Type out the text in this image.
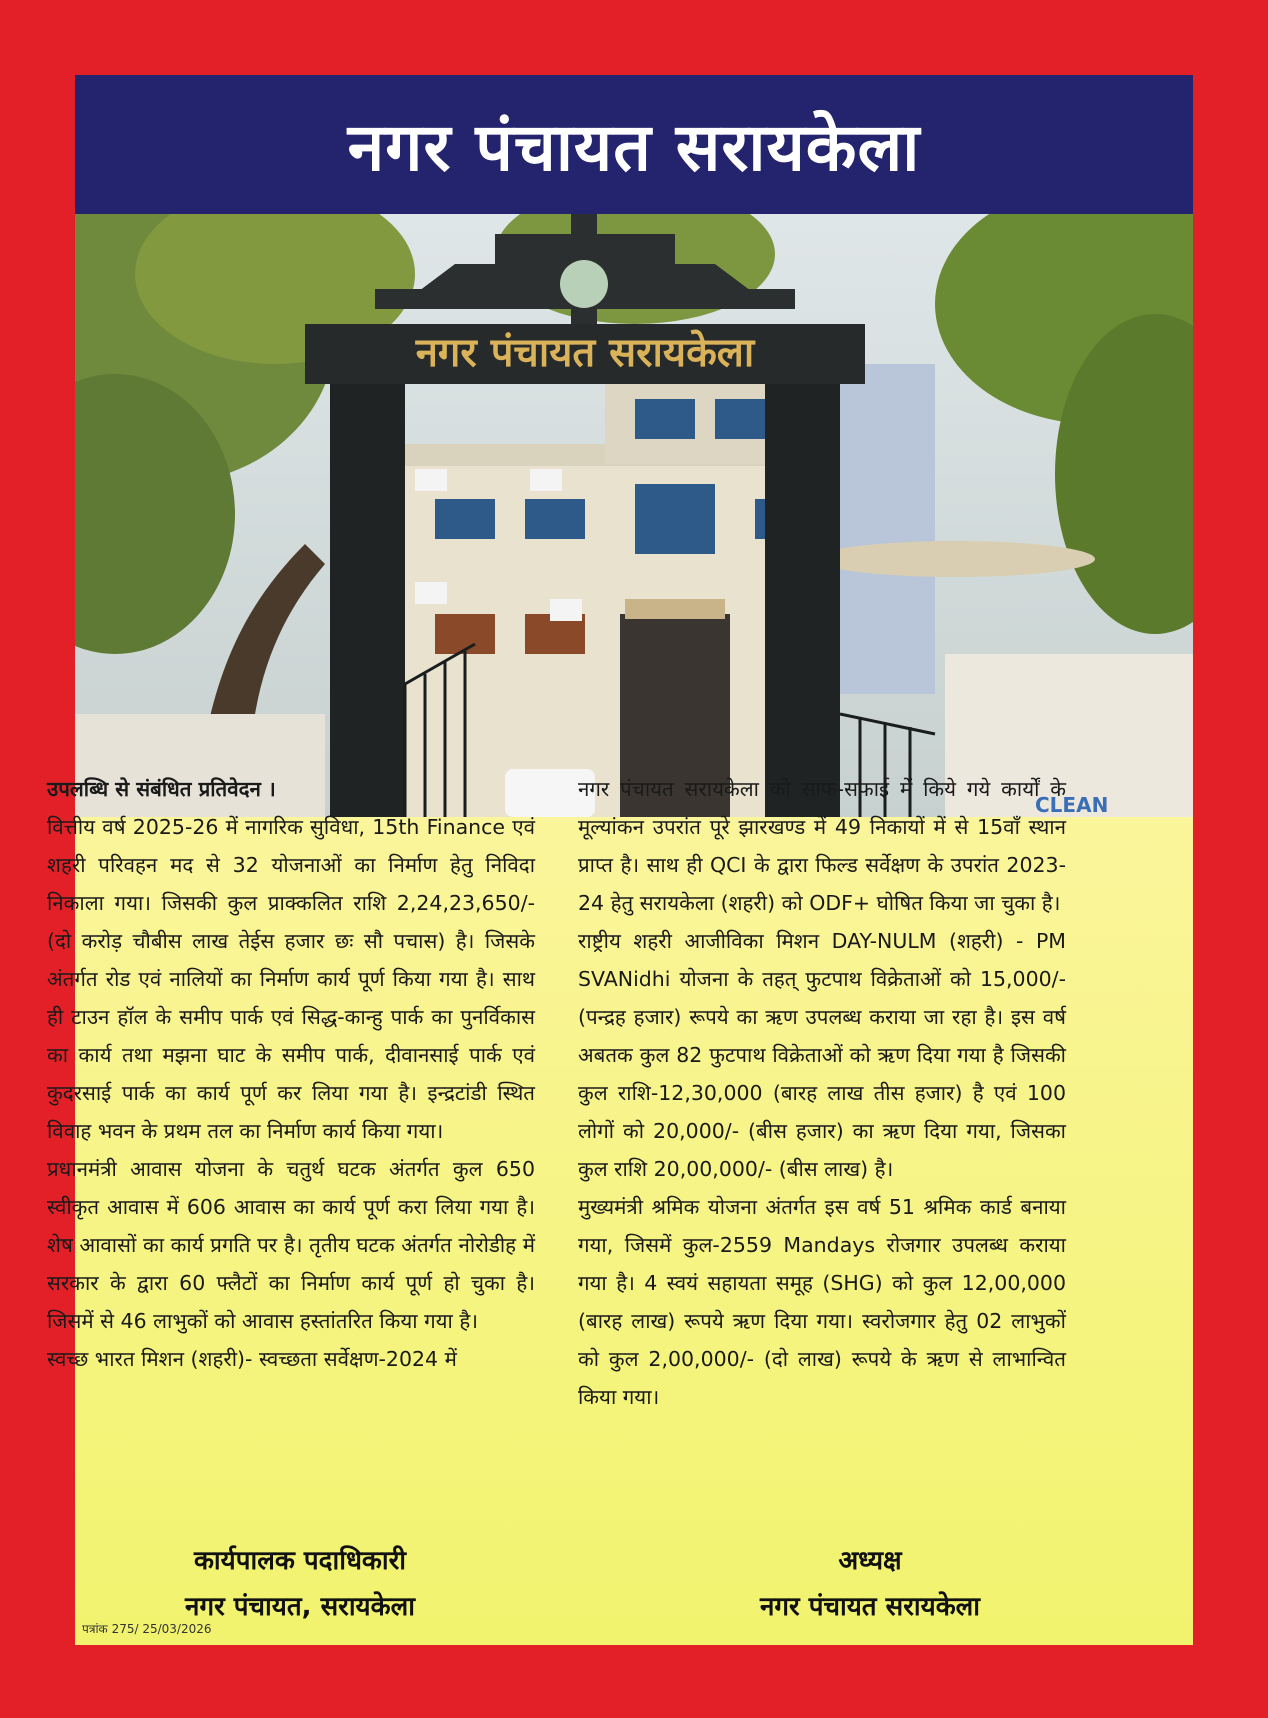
नगर पंचायत सरायकेला
नगर पंचायत सरायकेला
CLEAN

उपलब्धि से संबंधित प्रतिवेदन ।

वित्तीय वर्ष 2025-26 में नागरिक सुविधा, 15th Finance एवं शहरी परिवहन मद से 32 योजनाओं का निर्माण हेतु निविदा निकाला गया। जिसकी कुल प्राक्कलित राशि 2,24,23,650/- (दो करोड़ चौबीस लाख तेईस हजार छः सौ पचास) है। जिसके अंतर्गत रोड एवं नालियों का निर्माण कार्य पूर्ण किया गया है। साथ ही टाउन हॉल के समीप पार्क एवं सिद्ध-कान्हु पार्क का पुनर्विकास का कार्य तथा मझना घाट के समीप पार्क, दीवानसाई पार्क एवं कुदरसाई पार्क का कार्य पूर्ण कर लिया गया है। इन्द्रटांडी स्थित विवाह भवन के प्रथम तल का निर्माण कार्य किया गया।

प्रधानमंत्री आवास योजना के चतुर्थ घटक अंतर्गत कुल 650 स्वीकृत आवास में 606 आवास का कार्य पूर्ण करा लिया गया है। शेष आवासों का कार्य प्रगति पर है। तृतीय घटक अंतर्गत नोरोडीह में सरकार के द्वारा 60 फ्लैटों का निर्माण कार्य पूर्ण हो चुका है। जिसमें से 46 लाभुकों को आवास हस्तांतरित किया गया है।

स्वच्छ भारत मिशन (शहरी)- स्वच्छता सर्वेक्षण-2024 में

नगर पंचायत सरायकेला को साफ-सफाई में किये गये कार्यों के मूल्यांकन उपरांत पूरे झारखण्ड में 49 निकायों में से 15वाँ स्थान प्राप्त है। साथ ही QCI के द्वारा फिल्ड सर्वेक्षण के उपरांत 2023-24 हेतु सरायकेला (शहरी) को ODF+ घोषित किया जा चुका है।

राष्ट्रीय शहरी आजीविका मिशन DAY-NULM (शहरी) - PM SVANidhi योजना के तहत् फुटपाथ विक्रेताओं को 15,000/- (पन्द्रह हजार) रूपये का ऋण उपलब्ध कराया जा रहा है। इस वर्ष अबतक कुल 82 फुटपाथ विक्रेताओं को ऋण दिया गया है जिसकी कुल राशि-12,30,000 (बारह लाख तीस हजार) है एवं 100 लोगों को 20,000/- (बीस हजार) का ऋण दिया गया, जिसका कुल राशि 20,00,000/- (बीस लाख) है।

मुख्यमंत्री श्रमिक योजना अंतर्गत इस वर्ष 51 श्रमिक कार्ड बनाया गया, जिसमें कुल-2559 Mandays रोजगार उपलब्ध कराया गया है। 4 स्वयं सहायता समूह (SHG) को कुल 12,00,000 (बारह लाख) रूपये ऋण दिया गया। स्वरोजगार हेतु 02 लाभुकों को कुल 2,00,000/- (दो लाख) रूपये के ऋण से लाभान्वित किया गया।

कार्यपालक पदाधिकारी
नगर पंचायत, सरायकेला
अध्यक्ष
नगर पंचायत सरायकेला
पत्रांक 275/ 25/03/2026
